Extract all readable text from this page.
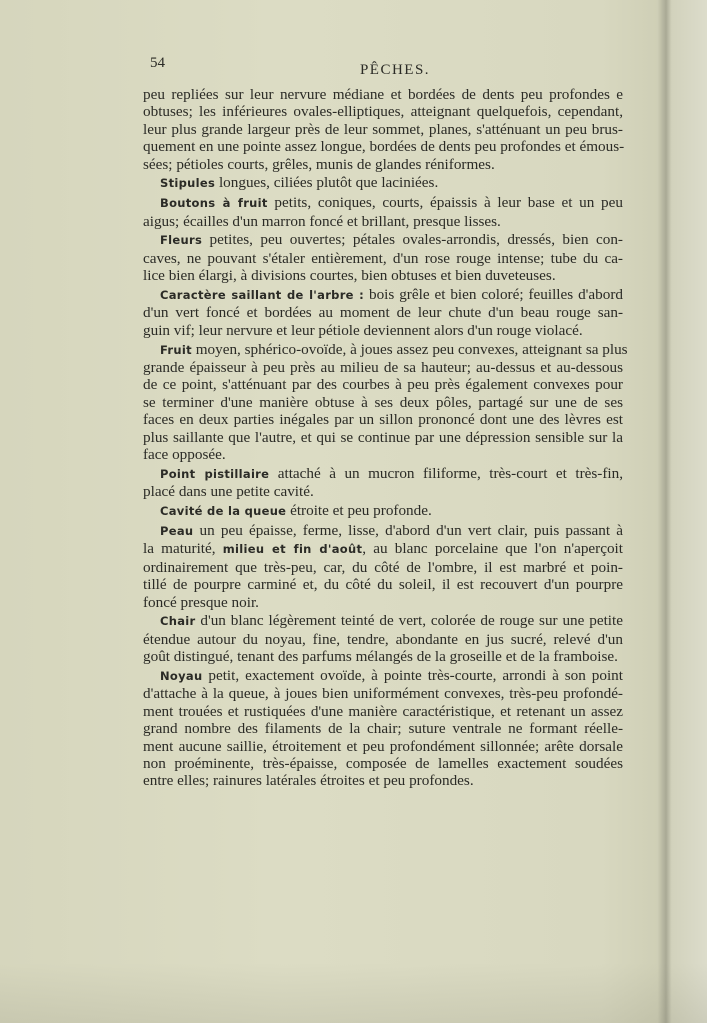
54	PÊCHES.
peu repliées sur leur nervure médiane et bordées de dents peu profondes e
obtuses; les inférieures ovales-elliptiques, atteignant quelquefois, cependant,
leur plus grande largeur près de leur sommet, planes, s'atténuant un peu brus-
quement en une pointe assez longue, bordées de dents peu profondes et émous-
sées; pétioles courts, grêles, munis de glandes réniformes.
Stipules longues, ciliées plutôt que laciniées.
Boutons à fruit petits, coniques, courts, épaissis à leur base et un peu
aigus; écailles d'un marron foncé et brillant, presque lisses.
Fleurs petites, peu ouvertes; pétales ovales-arrondis, dressés, bien con-
caves, ne pouvant s'étaler entièrement, d'un rose rouge intense; tube du ca-
lice bien élargi, à divisions courtes, bien obtuses et bien duveteuses.
Caractère saillant de l'arbre : bois grêle et bien coloré; feuilles d'abord
d'un vert foncé et bordées au moment de leur chute d'un beau rouge san-
guin vif; leur nervure et leur pétiole deviennent alors d'un rouge violacé.
Fruit moyen, sphérico-ovoïde, à joues assez peu convexes, atteignant sa plus
grande épaisseur à peu près au milieu de sa hauteur; au-dessus et au-dessous
de ce point, s'atténuant par des courbes à peu près également convexes pour
se terminer d'une manière obtuse à ses deux pôles, partagé sur une de ses
faces en deux parties inégales par un sillon prononcé dont une des lèvres est
plus saillante que l'autre, et qui se continue par une dépression sensible sur la
face opposée.
Point pistillaire attaché à un mucron filiforme, très-court et très-fin,
placé dans une petite cavité.
Cavité de la queue étroite et peu profonde.
Peau un peu épaisse, ferme, lisse, d'abord d'un vert clair, puis passant à
la maturité, milieu et fin d'août, au blanc porcelaine que l'on n'aperçoit
ordinairement que très-peu, car, du côté de l'ombre, il est marbré et poin-
tillé de pourpre carminé et, du côté du soleil, il est recouvert d'un pourpre
foncé presque noir.
Chair d'un blanc légèrement teinté de vert, colorée de rouge sur une petite
étendue autour du noyau, fine, tendre, abondante en jus sucré, relevé d'un
goût distingué, tenant des parfums mélangés de la groseille et de la framboise.
Noyau petit, exactement ovoïde, à pointe très-courte, arrondi à son point
d'attache à la queue, à joues bien uniformément convexes, très-peu profondé-
ment trouées et rustiquées d'une manière caractéristique, et retenant un assez
grand nombre des filaments de la chair; suture ventrale ne formant réelle-
ment aucune saillie, étroitement et peu profondément sillonnée; arête dorsale
non proéminente, très-épaisse, composée de lamelles exactement soudées
entre elles; rainures latérales étroites et peu profondes.
